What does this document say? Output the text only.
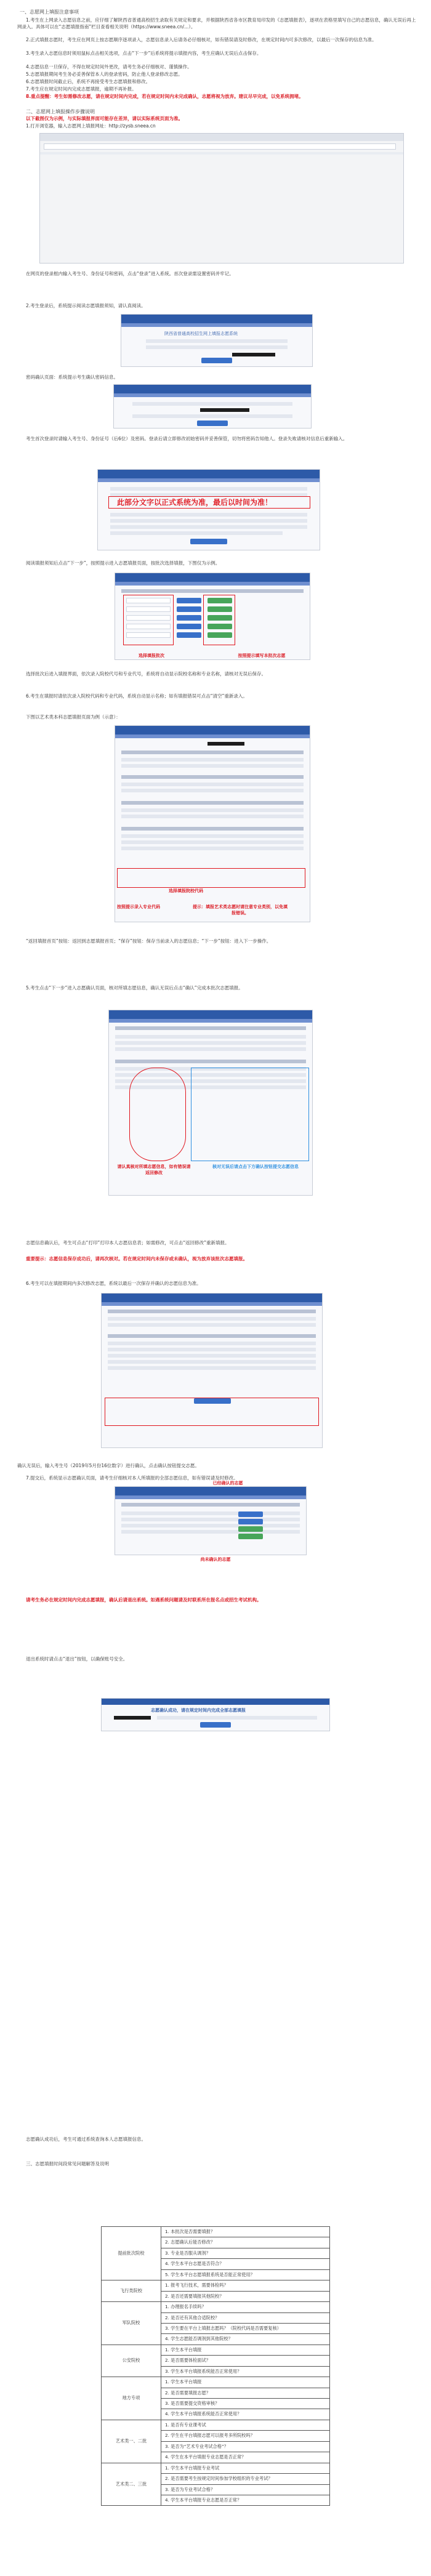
一、志愿网上填报注意事项

1.考生在上网录入志愿信息之前，应仔细了解陕西省普通高校招生录取有关规定和要求，并根据陕西省各市区教育局印发的《志愿填报表》，逐项在表格里填写自己的志愿信息，确认无误后再上网录入。具体可以在“志愿填报指南”栏目查看相关说明（https://www.sneea.cn/...）。

2.正式填报志愿时，考生应在网页上按志愿顺序逐项录入，志愿信息录入后请务必仔细核对，如有错误请及时修改，在规定时间内可多次修改，以最后一次保存的信息为准。

3.考生录入志愿信息时须用鼠标点击相关选项，点击“下一步”后系统将提示填报内容，考生应确认无误后点击保存。

4.志愿信息一旦保存，不得在规定时间外更改，请考生务必仔细核对、谨慎操作。

5.志愿填报期间考生务必妥善保管本人的登录密码，防止他人登录修改志愿。

6.志愿填报时间截止后，系统不再接受考生志愿填报和修改。

7.考生应在规定时间内完成志愿填报，逾期不再补报。

8.重点提醒：考生如需修改志愿，请在规定时间内完成，若在规定时间内未完成确认，志愿将视为放弃。建议尽早完成，以免系统拥堵。

二、志愿网上填报操作步骤说明

以下截图仅为示例，与实际填报界面可能存在差异，请以实际系统页面为准。

1.打开浏览器，输入志愿网上填报网址：http://zysb.sneea.cn

在网页的登录框内输入考生号、身份证号和密码，点击“登录”进入系统。首次登录需设置密码并牢记。

2.考生登录后，系统提示阅读志愿填报须知，请认真阅读。

陕西省普通高校招生网上填报志愿系统

密码确认页面：系统提示考生确认密码信息。

考生首次登录时请输入考生号、身份证号（后6位）及密码。登录后请立即修改初始密码并妥善保管，切勿将密码告知他人。登录失败请核对信息后重新输入。

此部分文字以正式系统为准，最后以时间为准！

阅读填报须知后点击“下一步”，按照提示进入志愿填报页面，按批次选择填报，下图仅为示例。

选择填报批次	按照提示填写本批次志愿

选择批次后进入填报界面，依次录入院校代号和专业代号，系统将自动显示院校名称和专业名称，请核对无误后保存。

6.考生在填报时请依次录入院校代码和专业代码，系统自动显示名称；如有填报错误可点击“清空”重新录入。

下图以艺术类本科志愿填报页面为例（示意）：

选择填报院校代码
按照提示录入专业代码	提示：填报艺术类志愿时请注意专业类别，以免填报错误。

“返回填报首页”按钮：返回到志愿填报首页；“保存”按钮：保存当前录入的志愿信息；“下一步”按钮：进入下一步操作。

5.考生点击“下一步”进入志愿确认页面，核对所填志愿信息，确认无误后点击“确认”完成本批次志愿填报。

请认真核对所填志愿信息，如有错误请返回修改
核对无误后请点击下方确认按钮提交志愿信息

志愿信息确认后，考生可点击“打印”打印本人志愿信息表；如需修改，可点击“返回修改”重新填报。

重要提示：志愿信息保存成功后，请再次核对。若在规定时间内未保存或未确认，视为放弃该批次志愿填报。

6.考生可以在填报期间内多次修改志愿，系统以最后一次保存并确认的志愿信息为准。

确认无误后，输入考生号（2019年5月份16位数字）进行确认，点击确认按钮提交志愿。

7.提交后，系统显示志愿确认页面，请考生仔细核对本人所填报的全部志愿信息，如有错误请及时修改。

已经确认的志愿
尚未确认的志愿

请考生务必在规定时间内完成志愿填报，确认后请退出系统。如遇系统问题请及时联系所在报名点或招生考试机构。

退出系统时请点击“退出”按钮，以确保账号安全。

志愿确认成功，请在规定时间内完成全部志愿填报

志愿确认成功后，考生可通过系统查询本人志愿填报信息。

三、志愿填报时间段常见问题解答及说明

提前批次院校	1. 本批次是否需要填报？
	2. 志愿确认后能否修改？
	3. 专业是否服从调剂？
	4. 学生本平台志愿是否符合？
	5. 学生本平台志愿填报系统是否能正常使用？
飞行类院校	1. 报考飞行技术，需要体检吗？
	2. 是否还需要填报其他院校？
军队院校	1. 办理报名手续吗？
	2. 是否还有其他合适院校？
	3. 学生要在平台上填报志愿吗？（院校代码是否需要复核）
	4. 学生志愿能否调剂到其他院校？
公安院校	1. 学生本平台填报
	2. 是否需要体检面试？
	3. 学生本平台填报系统能否正常使用？
地方专项	1. 学生本平台填报
	2. 是否需要填报志愿？
	3. 是否需要提交资格审核？
	4. 学生本平台填报系统能否正常使用？
艺术类一、二批	1. 是否有专业课考试
	2. 学生在平台填报志愿可以报考多所院校吗？
	3. 是否为“艺术专业考试合格”？
	4. 学生在本平台填报专业志愿是否正常？
艺术类二、三批	1. 学生本平台填报专业考试
	2. 是否需要考生按规定时间参加学校组织的专业考试？
	3. 是否为专业考试合格？
	4. 学生本平台填报专业志愿是否正常？
